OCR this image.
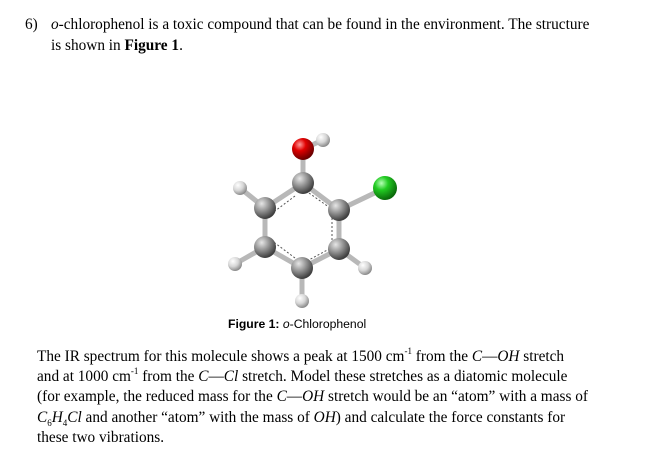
6) o-chlorophenol is a toxic compound that can be found in the environment. The structure
is shown in Figure 1.
Figure 1: o-Chlorophenol

The IR spectrum for this molecule shows a peak at 1500 $cm^{-1}$ from the C—OH stretch

and at 1000 $cm^{-1}$ from the C—Cl stretch. Model these stretches as a diatomic molecule

(for example, the reduced mass for the C—OH stretch would be an “atom” with a mass of

$C_6H_4Cl$ and another “atom” with the mass of OH) and calculate the force constants for

these two vibrations.
